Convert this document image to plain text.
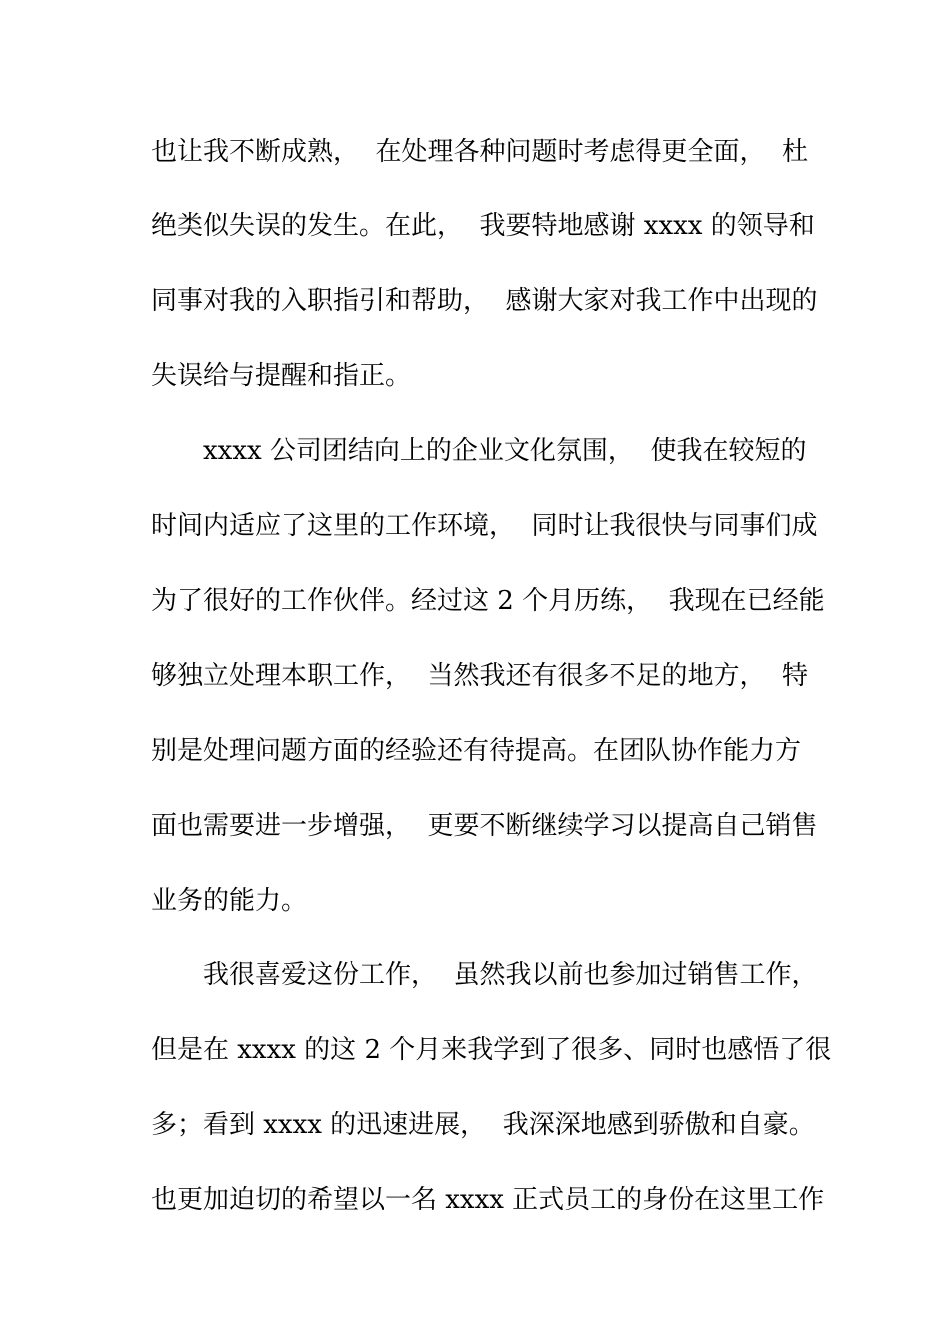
也让我不断成熟，  在处理各种问题时考虑得更全面，  杜
绝类似失误的发生。在此，  我要特地感谢 xxxx 的领导和
同事对我的入职指引和帮助，  感谢大家对我工作中出现的
失误给与提醒和指正。
xxxx 公司团结向上的企业文化氛围，  使我在较短的
时间内适应了这里的工作环境，  同时让我很快与同事们成
为了很好的工作伙伴。经过这 2 个月历练，  我现在已经能
够独立处理本职工作，  当然我还有很多不足的地方，  特
别是处理问题方面的经验还有待提高。在团队协作能力方
面也需要进一步增强，  更要不断继续学习以提高自己销售
业务的能力。
我很喜爱这份工作，  虽然我以前也参加过销售工作，
但是在 xxxx 的这 2 个月来我学到了很多、同时也感悟了很
多；看到 xxxx 的迅速进展，  我深深地感到骄傲和自豪。
也更加迫切的希望以一名 xxxx 正式员工的身份在这里工作
